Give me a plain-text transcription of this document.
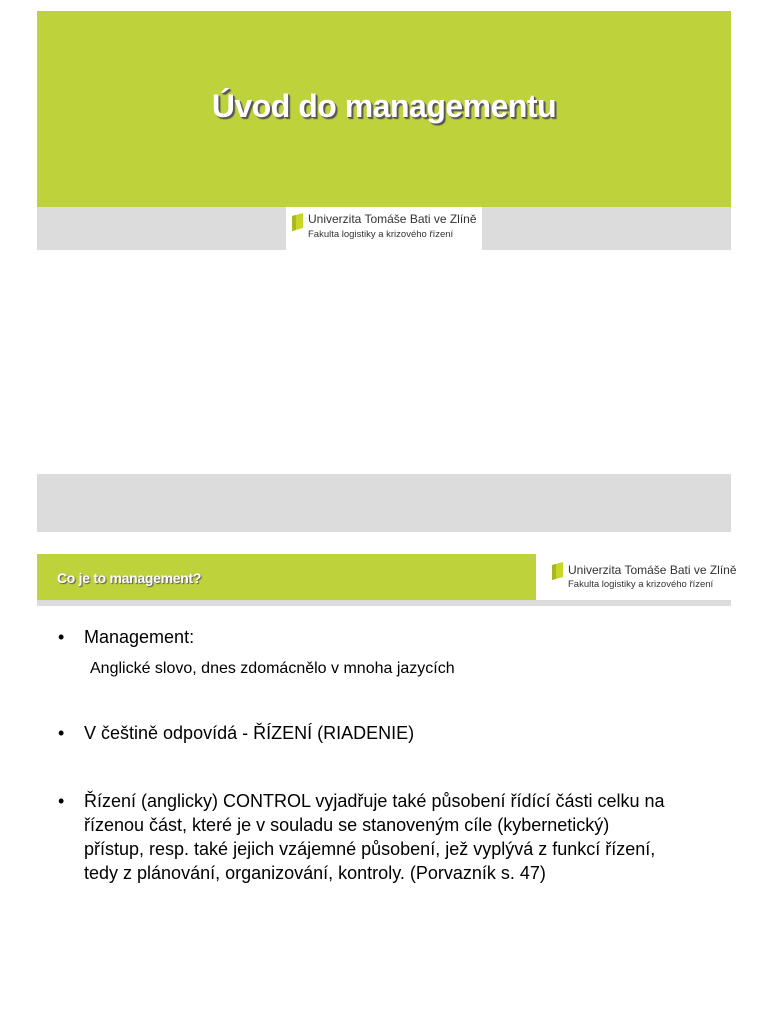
Úvod do managementu
Univerzita Tomáše Bati ve Zlíně
Fakulta logistiky a krizového řízení
Co je to management?	Univerzita Tomáše Bati ve Zlíně
Fakulta logistiky a krizového řízení
• Management:
Anglické slovo, dnes zdomácnělo v mnoha jazycích
• V češtině odpovídá - ŘÍZENÍ (RIADENIE)
• Řízení (anglicky) CONTROL vyjadřuje také působení řídící části celku na
řízenou část, které je v souladu se stanoveným cíle (kybernetický)
přístup, resp. také jejich vzájemné působení, jež vyplývá z funkcí řízení,
tedy z plánování, organizování, kontroly. (Porvazník s. 47)
